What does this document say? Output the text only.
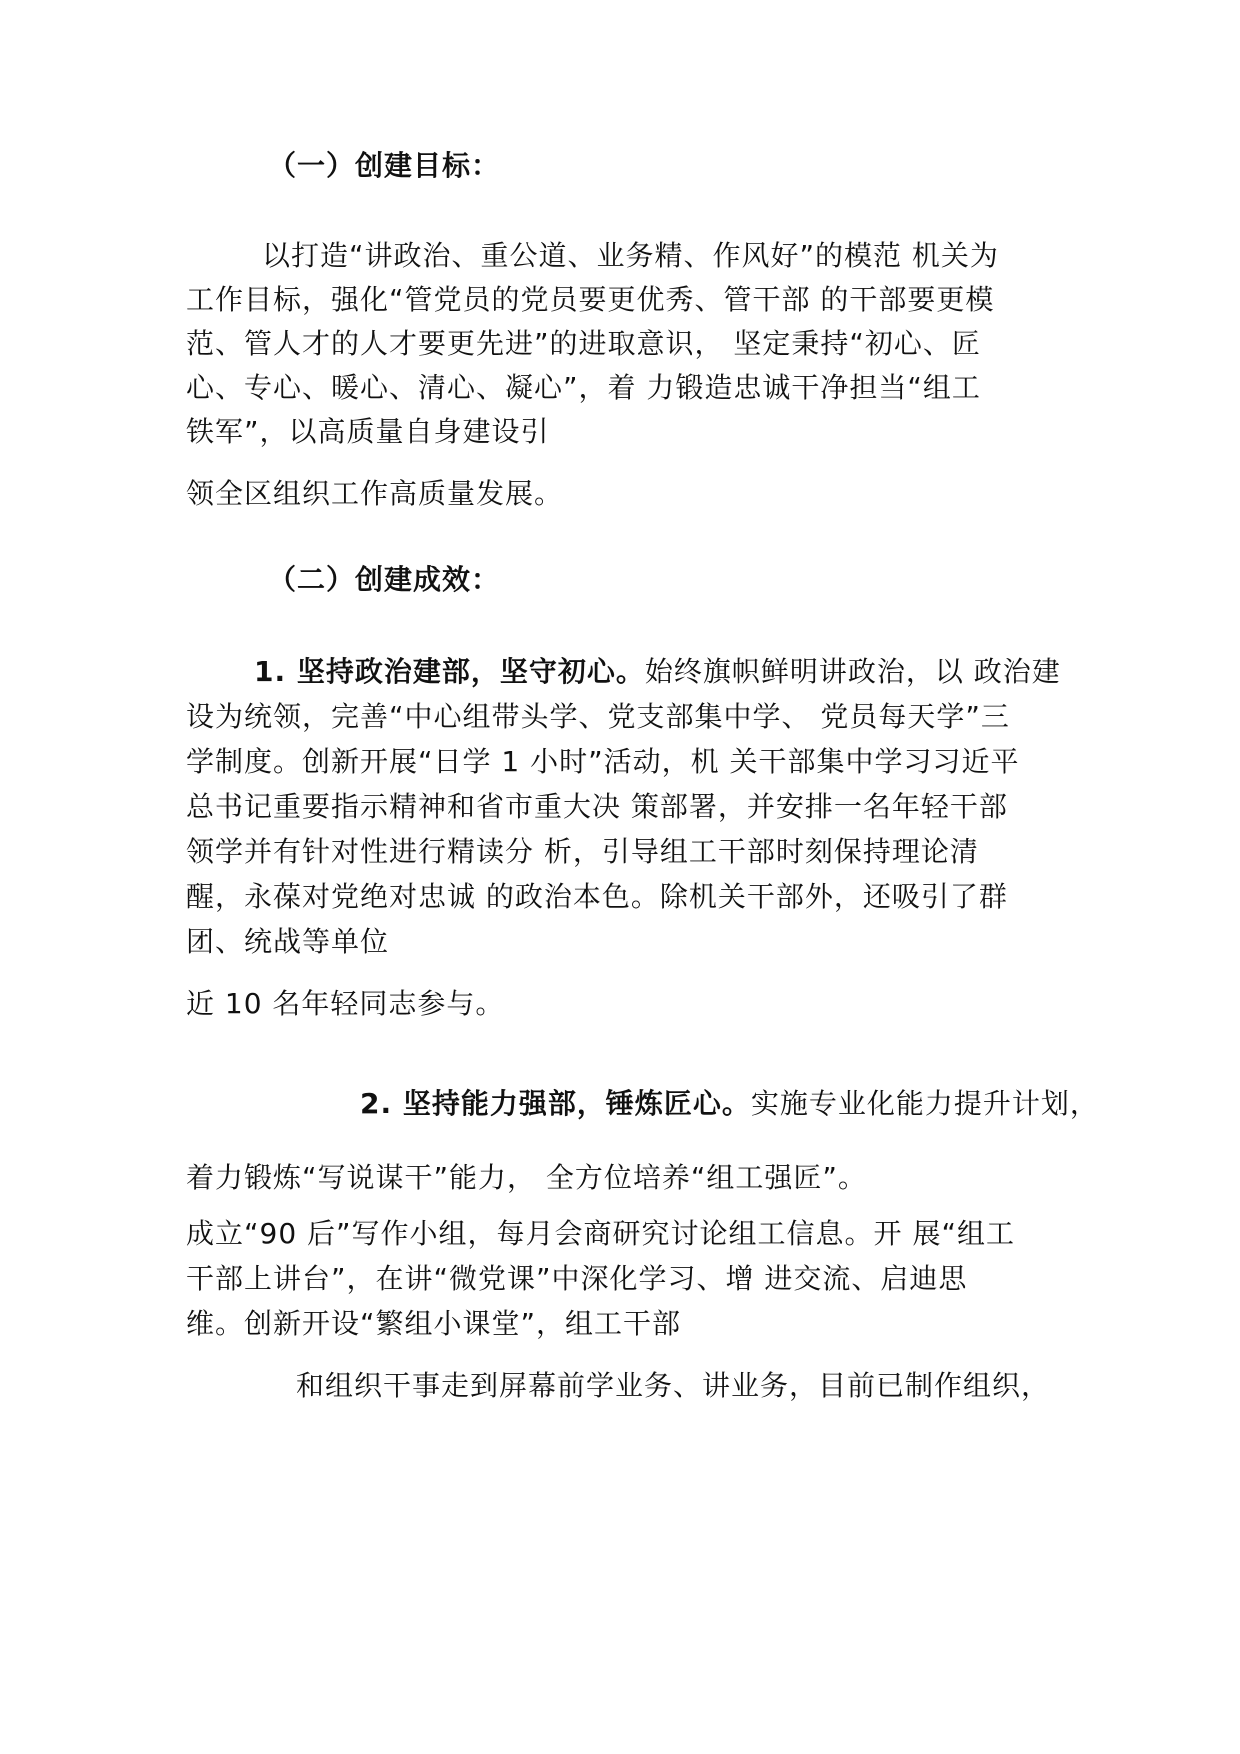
（一）创建目标：
以打造“讲政治、重公道、业务精、作风好”的模范 机关为
工作目标，强化“管党员的党员要更优秀、管干部 的干部要更模
范、管人才的人才要更先进”的进取意识， 坚定秉持“初心、匠
心、专心、暖心、清心、凝心”，着 力锻造忠诚干净担当“组工
铁军”，以高质量自身建设引
领全区组织工作高质量发展。
（二）创建成效：
1. 坚持政治建部，坚守初心。始终旗帜鲜明讲政治，以 政治建
设为统领，完善“中心组带头学、党支部集中学、 党员每天学”三
学制度。创新开展“日学 1 小时”活动，机 关干部集中学习习近平
总书记重要指示精神和省市重大决 策部署，并安排一名年轻干部
领学并有针对性进行精读分 析，引导组工干部时刻保持理论清
醒，永葆对党绝对忠诚 的政治本色。除机关干部外，还吸引了群
团、统战等单位
近 10 名年轻同志参与。
2. 坚持能力强部，锤炼匠心。实施专业化能力提升计划，
着力锻炼“写说谋干”能力， 全方位培养“组工强匠”。
成立“90 后”写作小组，每月会商研究讨论组工信息。开 展“组工
干部上讲台”，在讲“微党课”中深化学习、增 进交流、启迪思
维。创新开设“繁组小课堂”，组工干部
和组织干事走到屏幕前学业务、讲业务，目前已制作组织，
